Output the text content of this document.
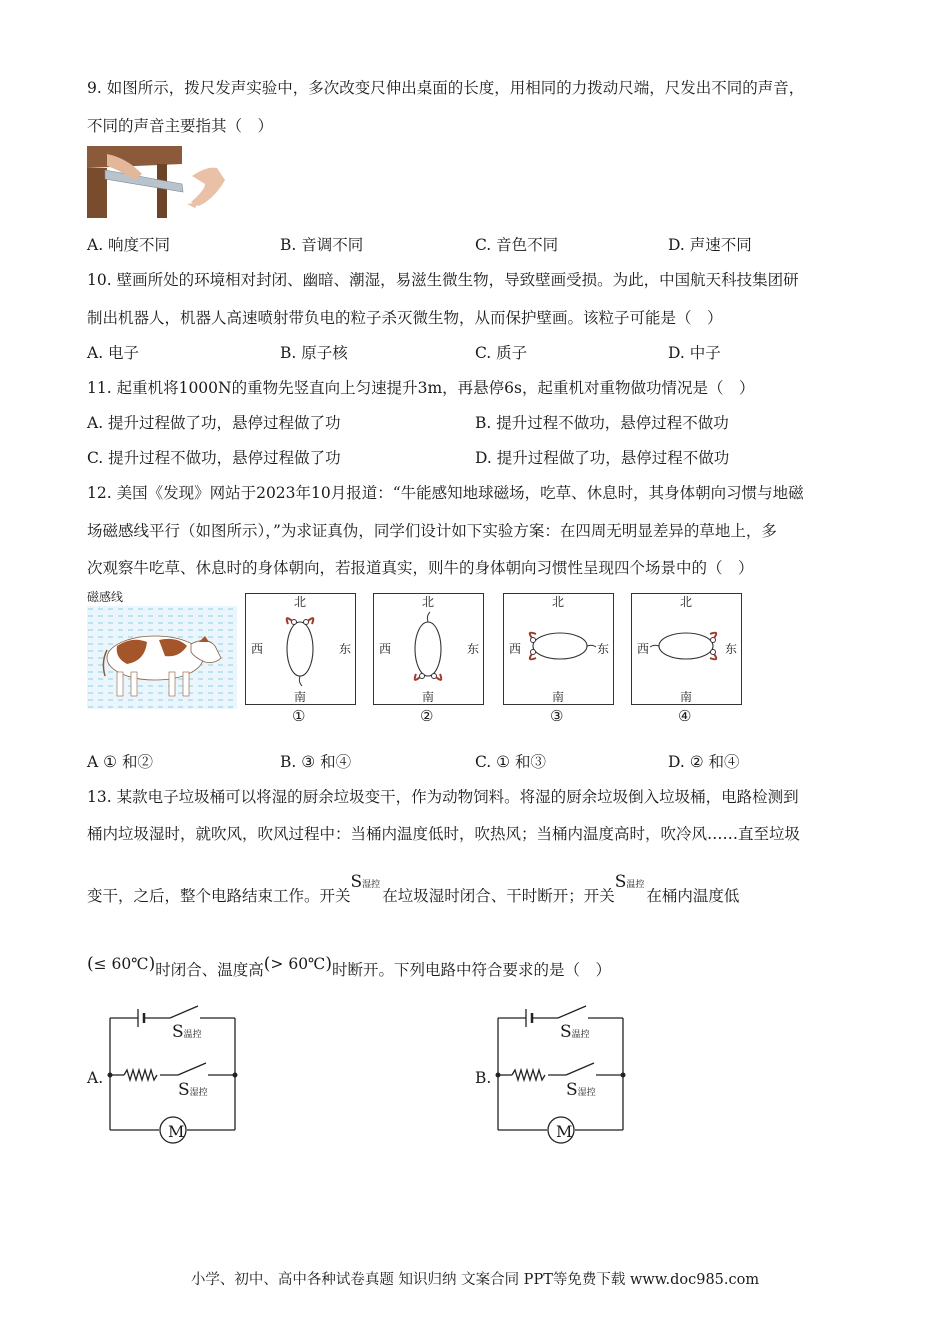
9. 如图所示，拨尺发声实验中，多次改变尺伸出桌面的长度，用相同的力拨动尺端，尺发出不同的声音，
不同的声音主要指其（　）
A. 响度不同	B. 音调不同	C. 音色不同	D. 声速不同
10. 壁画所处的环境相对封闭、幽暗、潮湿，易滋生微生物，导致壁画受损。为此，中国航天科技集团研
制出机器人，机器人高速喷射带负电的粒子杀灭微生物，从而保护壁画。该粒子可能是（　）
A. 电子	B. 原子核	C. 质子	D. 中子
11. 起重机将1000N的重物先竖直向上匀速提升3m，再悬停6s，起重机对重物做功情况是（　）
A. 提升过程做了功，悬停过程做了功	B. 提升过程不做功，悬停过程不做功
C. 提升过程不做功，悬停过程做了功	D. 提升过程做了功，悬停过程不做功
12. 美国《发现》网站于2023年10月报道：“牛能感知地球磁场，吃草、休息时，其身体朝向习惯与地磁
场磁感线平行（如图所示），”为求证真伪，同学们设计如下实验方案：在四周无明显差异的草地上，多
次观察牛吃草、休息时的身体朝向，若报道真实，则牛的身体朝向习惯性呈现四个场景中的（　）
磁感线	北
南
西	东
①
北
南
西	东
②
北
南
西	东
③
北
南
西	东
④
A ① 和②	B. ③ 和④	C. ① 和③	D. ② 和④
13. 某款电子垃圾桶可以将湿的厨余垃圾变干，作为动物饲料。将湿的厨余垃圾倒入垃圾桶，电路检测到
桶内垃圾湿时，就吹风，吹风过程中：当桶内温度低时，吹热风；当桶内温度高时，吹冷风……直至垃圾
变干，之后，整个电路结束工作。开关S湿控在垃圾湿时闭合、干时断开；开关S温控在桶内温度低
(≤ 60℃)时闭合、温度高(> 60℃)时断开。下列电路中符合要求的是（　）
A.
M
S温控
S湿控
B.
M
S温控
S湿控
小学、初中、高中各种试卷真题 知识归纳 文案合同 PPT等免费下载 www.doc985.com
